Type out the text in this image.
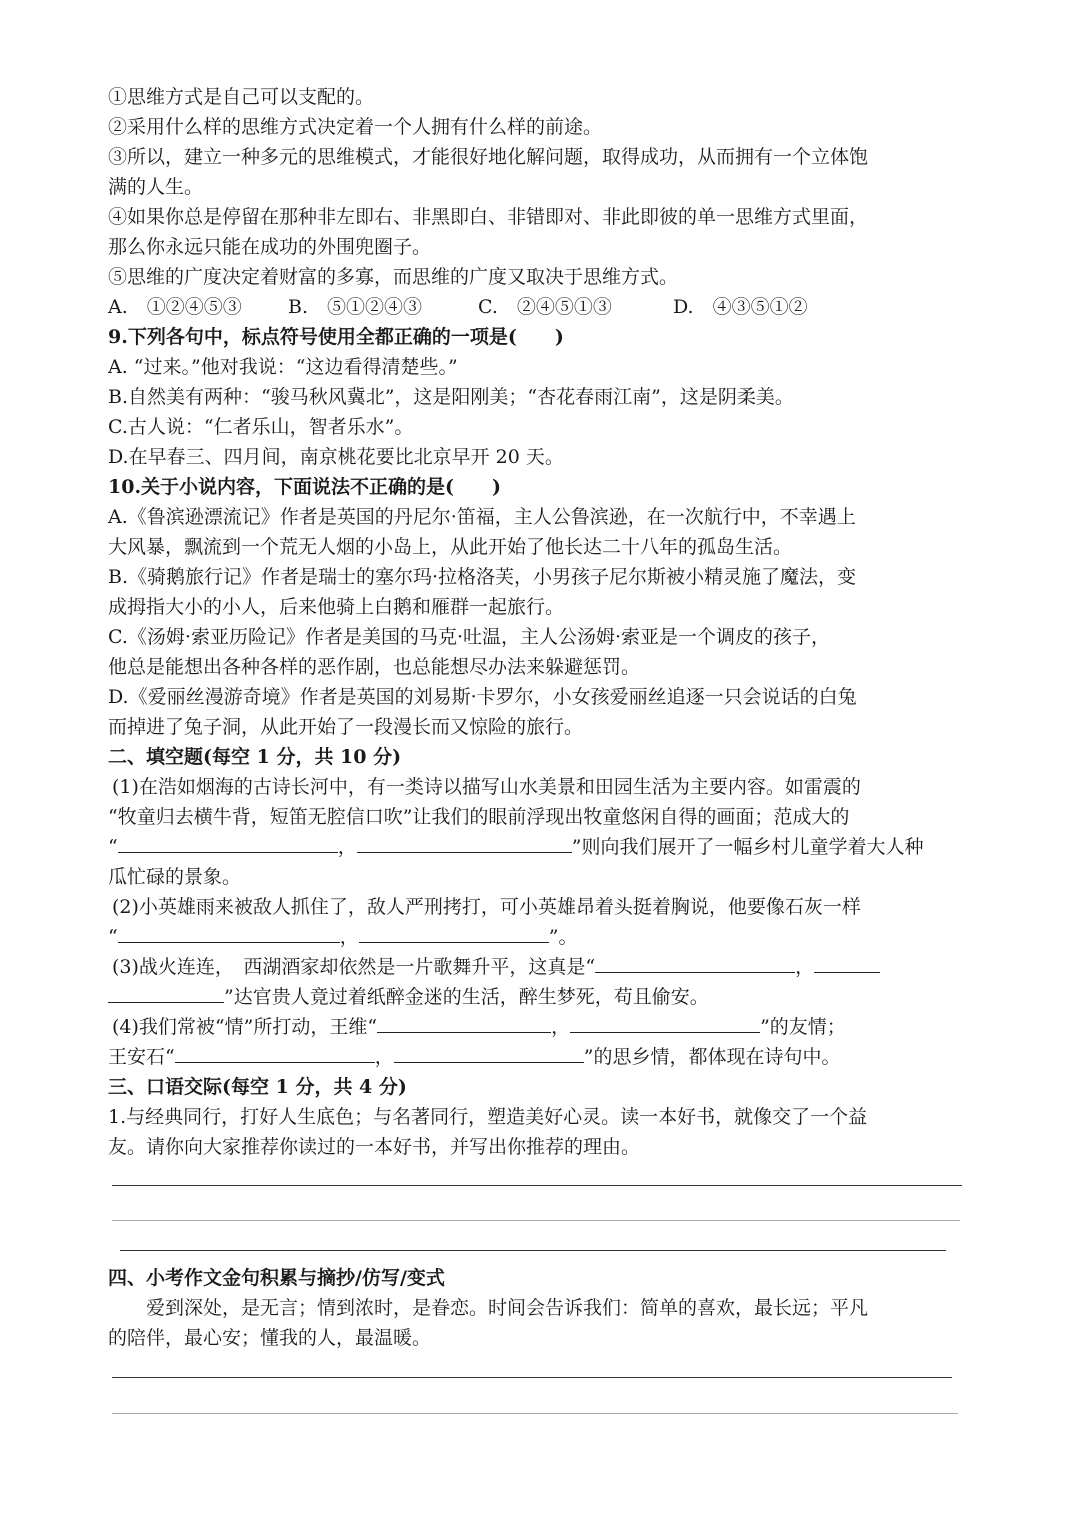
①思维方式是自己可以支配的。
②采用什么样的思维方式决定着一个人拥有什么样的前途。
③所以，建立一种多元的思维模式，才能很好地化解问题，取得成功，从而拥有一个立体饱
满的人生。
④如果你总是停留在那种非左即右、非黑即白、非错即对、非此即彼的单一思维方式里面，
那么你永远只能在成功的外围兜圈子。
⑤思维的广度决定着财富的多寡，而思维的广度又取决于思维方式。
A.　①②④⑤③ B.　⑤①②④③	C.　②④⑤①③	D.　④③⑤①②
9.下列各句中，标点符号使用全都正确的一项是(　　)
A. “过来。”他对我说：“这边看得清楚些。”
B.自然美有两种：“骏马秋风冀北”，这是阳刚美；“杏花春雨江南”，这是阴柔美。
C.古人说：“仁者乐山，智者乐水”。
D.在早春三、四月间，南京桃花要比北京早开 20 天。
10.关于小说内容，下面说法不正确的是(　　)
A.《鲁滨逊漂流记》作者是英国的丹尼尔·笛福，主人公鲁滨逊，在一次航行中，不幸遇上
大风暴，飘流到一个荒无人烟的小岛上，从此开始了他长达二十八年的孤岛生活。
B.《骑鹅旅行记》作者是瑞士的塞尔玛·拉格洛芙，小男孩子尼尔斯被小精灵施了魔法，变
成拇指大小的小人，后来他骑上白鹅和雁群一起旅行。
C.《汤姆·索亚历险记》作者是美国的马克·吐温，主人公汤姆·索亚是一个调皮的孩子，
他总是能想出各种各样的恶作剧，也总能想尽办法来躲避惩罚。
D.《爱丽丝漫游奇境》作者是英国的刘易斯·卡罗尔，小女孩爱丽丝追逐一只会说话的白兔
而掉进了兔子洞，从此开始了一段漫长而又惊险的旅行。
二、填空题(每空 1 分，共 10 分)
(1)在浩如烟海的古诗长河中，有一类诗以描写山水美景和田园生活为主要内容。如雷震的
“牧童归去横牛背，短笛无腔信口吹”让我们的眼前浮现出牧童悠闲自得的画面；范成大的
“	，	”则向我们展开了一幅乡村儿童学着大人种
瓜忙碌的景象。
(2)小英雄雨来被敌人抓住了，敌人严刑拷打，可小英雄昂着头挺着胸说，他要像石灰一样
“	，	”。
(3)战火连连，　西湖酒家却依然是一片歌舞升平，这真是“	，
”达官贵人竟过着纸醉金迷的生活，醉生梦死，苟且偷安。
(4)我们常被“情”所打动，王维“	，	”的友情；
王安石“	，	”的思乡情，都体现在诗句中。
三、口语交际(每空 1 分，共 4 分)
1.与经典同行，打好人生底色；与名著同行，塑造美好心灵。读一本好书，就像交了一个益
友。请你向大家推荐你读过的一本好书，并写出你推荐的理由。
四、小考作文金句积累与摘抄/仿写/变式
爱到深处，是无言；情到浓时，是眷恋。时间会告诉我们：简单的喜欢，最长远；平凡
的陪伴，最心安；懂我的人，最温暖。
